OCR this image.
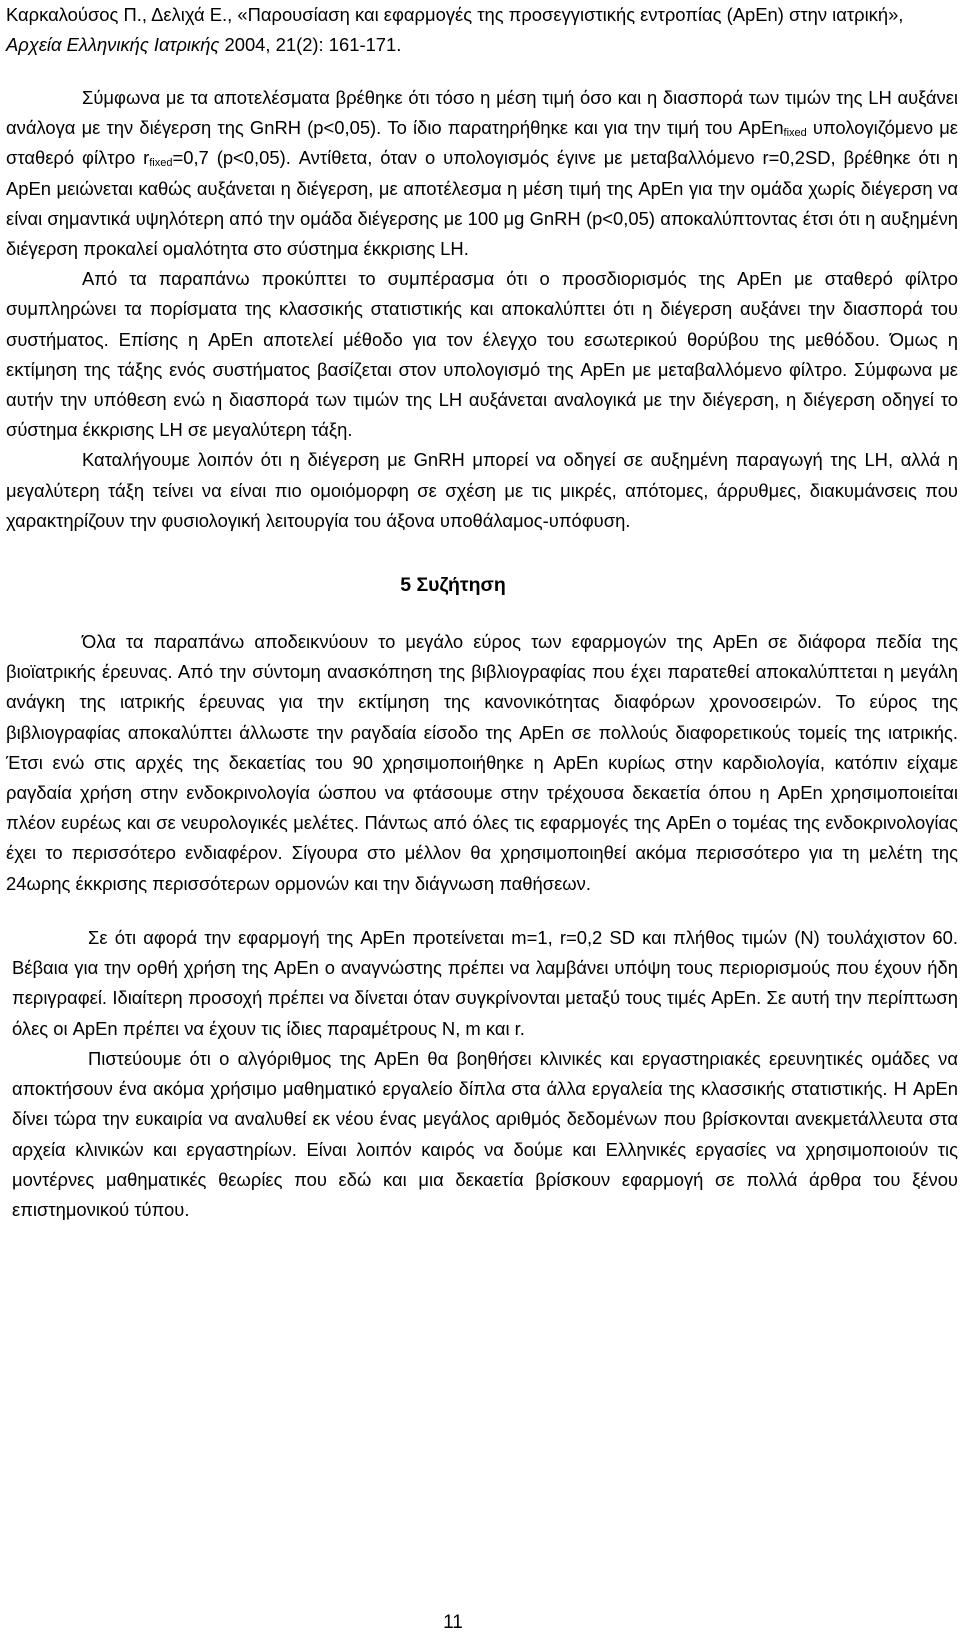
Καρκαλούσος Π., Δελιχά Ε., «Παρουσίαση και εφαρμογές της προσεγγιστικής εντροπίας (ApEn) στην ιατρική», Αρχεία Ελληνικής Ιατρικής 2004, 21(2): 161-171.

Σύμφωνα με τα αποτελέσματα βρέθηκε ότι τόσο η μέση τιμή όσο και η διασπορά των τιμών της LH αυξάνει ανάλογα με την διέγερση της GnRH (p<0,05). Το ίδιο παρατηρήθηκε και για την τιμή του ApEnfixed υπολογιζόμενο με σταθερό φίλτρο rfixed=0,7 (p<0,05). Αντίθετα, όταν ο υπολογισμός έγινε με μεταβαλλόμενο r=0,2SD, βρέθηκε ότι η ApEn μειώνεται καθώς αυξάνεται η διέγερση, με αποτέλεσμα η μέση τιμή της ApEn για την ομάδα χωρίς διέγερση να είναι σημαντικά υψηλότερη από την ομάδα διέγερσης με 100 μg GnRH (p<0,05) αποκαλύπτοντας έτσι ότι η αυξημένη διέγερση προκαλεί ομαλότητα στο σύστημα έκκρισης LH.

Από τα παραπάνω προκύπτει το συμπέρασμα ότι ο προσδιορισμός της ApEn με σταθερό φίλτρο συμπληρώνει τα πορίσματα της κλασσικής στατιστικής και αποκαλύπτει ότι η διέγερση αυξάνει την διασπορά του συστήματος. Επίσης η ApEn αποτελεί μέθοδο για τον έλεγχο του εσωτερικού θορύβου της μεθόδου. Όμως η εκτίμηση της τάξης ενός συστήματος βασίζεται στον υπολογισμό της ApEn με μεταβαλλόμενο φίλτρο. Σύμφωνα με αυτήν την υπόθεση ενώ η διασπορά των τιμών της LH αυξάνεται αναλογικά με την διέγερση, η διέγερση οδηγεί το σύστημα έκκρισης LH σε μεγαλύτερη τάξη.

Καταλήγουμε λοιπόν ότι η διέγερση με GnRH μπορεί να οδηγεί σε αυξημένη παραγωγή της LH, αλλά η μεγαλύτερη τάξη τείνει να είναι πιο ομοιόμορφη σε σχέση με τις μικρές, απότομες, άρρυθμες, διακυμάνσεις που χαρακτηρίζουν την φυσιολογική λειτουργία του άξονα υποθάλαμος-υπόφυση.

5 Συζήτηση

Όλα τα παραπάνω αποδεικνύουν το μεγάλο εύρος των εφαρμογών της ApEn σε διάφορα πεδία της βιοϊατρικής έρευνας. Από την σύντομη ανασκόπηση της βιβλιογραφίας που έχει παρατεθεί αποκαλύπτεται η μεγάλη ανάγκη της ιατρικής έρευνας για την εκτίμηση της κανονικότητας διαφόρων χρονοσειρών. Το εύρος της βιβλιογραφίας αποκαλύπτει άλλωστε την ραγδαία είσοδο της ApEn σε πολλούς διαφορετικούς τομείς της ιατρικής. Έτσι ενώ στις αρχές της δεκαετίας του 90 χρησιμοποιήθηκε η ApEn κυρίως στην καρδιολογία, κατόπιν είχαμε ραγδαία χρήση στην ενδοκρινολογία ώσπου να φτάσουμε στην τρέχουσα δεκαετία όπου η ApEn χρησιμοποιείται πλέον ευρέως και σε νευρολογικές μελέτες. Πάντως από όλες τις εφαρμογές της ApEn ο τομέας της ενδοκρινολογίας έχει το περισσότερο ενδιαφέρον. Σίγουρα στο μέλλον θα χρησιμοποιηθεί ακόμα περισσότερο για τη μελέτη της 24ωρης έκκρισης περισσότερων ορμονών και την διάγνωση παθήσεων.

Σε ότι αφορά την εφαρμογή της ApEn προτείνεται m=1, r=0,2 SD και πλήθος τιμών (N) τουλάχιστον 60. Βέβαια για την ορθή χρήση της ApEn ο αναγνώστης πρέπει να λαμβάνει υπόψη τους περιορισμούς που έχουν ήδη περιγραφεί. Ιδιαίτερη προσοχή πρέπει να δίνεται όταν συγκρίνονται μεταξύ τους τιμές ApEn. Σε αυτή την περίπτωση όλες οι ApEn πρέπει να έχουν τις ίδιες παραμέτρους N, m και r.

Πιστεύουμε ότι ο αλγόριθμος της ApEn θα βοηθήσει κλινικές και εργαστηριακές ερευνητικές ομάδες να αποκτήσουν ένα ακόμα χρήσιμο μαθηματικό εργαλείο δίπλα στα άλλα εργαλεία της κλασσικής στατιστικής. Η ApEn δίνει τώρα την ευκαιρία να αναλυθεί εκ νέου ένας μεγάλος αριθμός δεδομένων που βρίσκονται ανεκμετάλλευτα στα αρχεία κλινικών και εργαστηρίων. Είναι λοιπόν καιρός να δούμε και Ελληνικές εργασίες να χρησιμοποιούν τις μοντέρνες μαθηματικές θεωρίες που εδώ και μια δεκαετία βρίσκουν εφαρμογή σε πολλά άρθρα του ξένου επιστημονικού τύπου.

11
